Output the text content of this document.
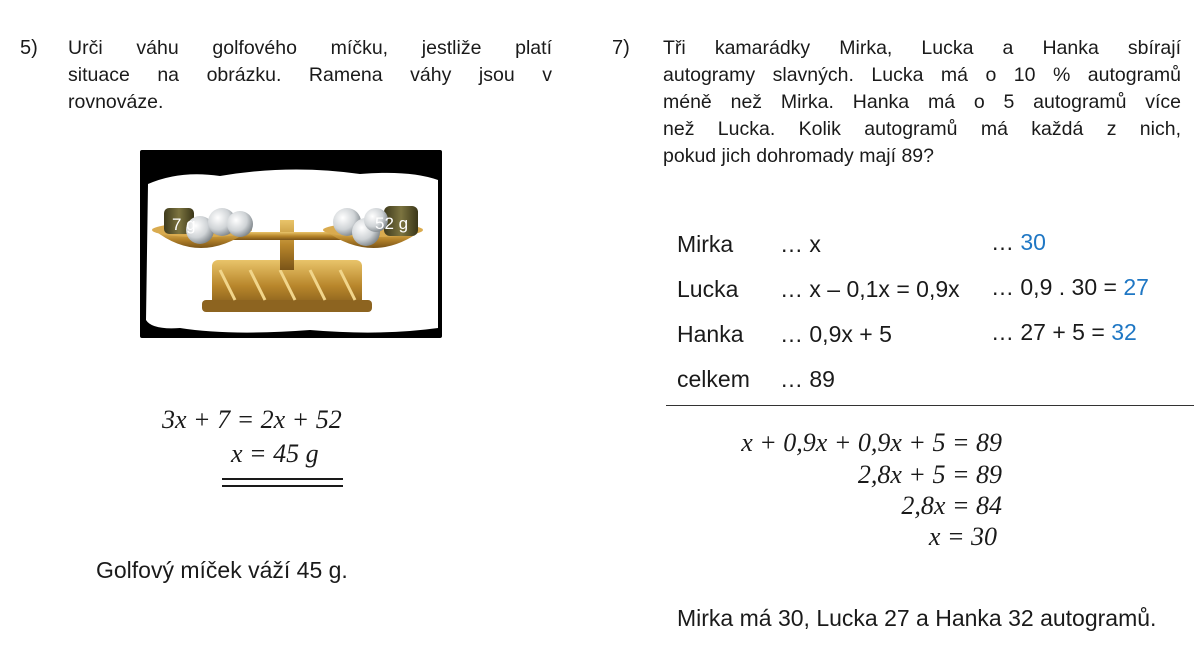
5) Urči váhu golfového míčku, jestliže platí
situace na obrázku. Ramena váhy jsou v
rovnováze.
7 g	52 g
3x + 7 = 2x + 52
x = 45 g
Golfový míček váží 45 g.
7) Tři kamarádky Mirka, Lucka a Hanka sbírají
autogramy slavných. Lucka má o 10 % autogramů
méně než Mirka. Hanka má o 5 autogramů více
než Lucka. Kolik autogramů má každá z nich,
pokud jich dohromady mají 89?
Mirka … x	… 30
Lucka … x – 0,1x = 0,9x … 0,9 . 30 = 27
Hanka … 0,9x + 5	… 27 + 5 = 32
celkem … 89
x + 0,9x + 0,9x + 5 = 89
2,8x + 5 = 89
2,8x = 84
x = 30
Mirka má 30, Lucka 27 a Hanka 32 autogramů.
